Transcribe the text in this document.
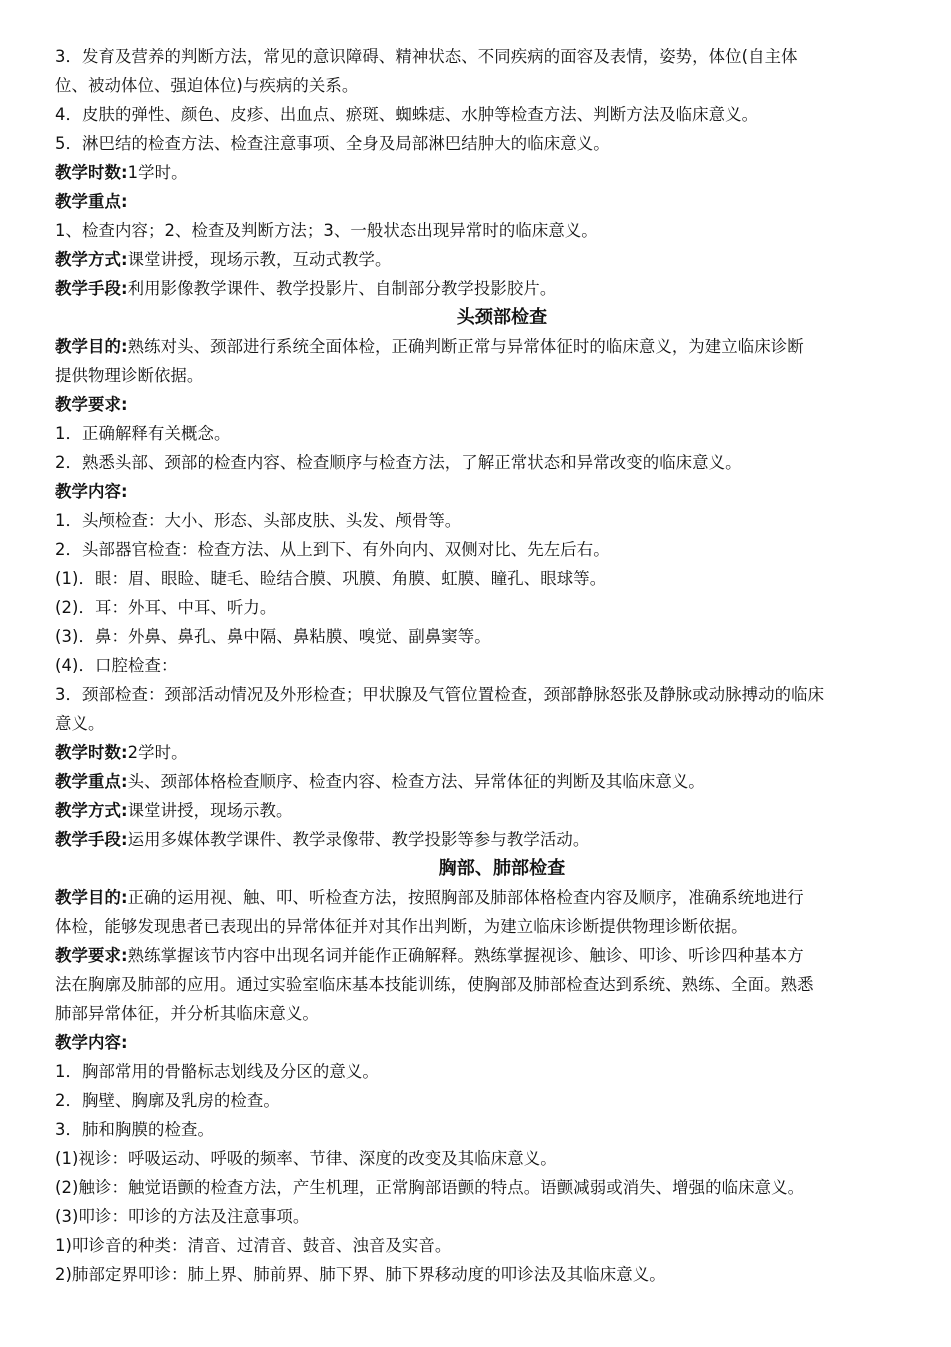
3．发育及营养的判断方法，常见的意识障碍、精神状态、不同疾病的面容及表情，姿势，体位(自主体
位、被动体位、强迫体位)与疾病的关系。
4．皮肤的弹性、颜色、皮疹、出血点、瘀斑、蜘蛛痣、水肿等检查方法、判断方法及临床意义。
5．淋巴结的检查方法、检查注意事项、全身及局部淋巴结肿大的临床意义。
教学时数:1学时。
教学重点:
1、检查内容；2、检查及判断方法；3、一般状态出现异常时的临床意义。
教学方式:课堂讲授，现场示教，互动式教学。
教学手段:利用影像教学课件、教学投影片、自制部分教学投影胶片。
头颈部检查
教学目的:熟练对头、颈部进行系统全面体检，正确判断正常与异常体征时的临床意义，为建立临床诊断
提供物理诊断依据。
教学要求:
1．正确解释有关概念。
2．熟悉头部、颈部的检查内容、检查顺序与检查方法，了解正常状态和异常改变的临床意义。
教学内容:
1．头颅检查：大小、形态、头部皮肤、头发、颅骨等。
2．头部器官检查：检查方法、从上到下、有外向内、双侧对比、先左后右。
(1)．眼：眉、眼睑、睫毛、睑结合膜、巩膜、角膜、虹膜、瞳孔、眼球等。
(2)．耳：外耳、中耳、听力。
(3)．鼻：外鼻、鼻孔、鼻中隔、鼻粘膜、嗅觉、副鼻窦等。
(4)．口腔检查：
3．颈部检查：颈部活动情况及外形检查；甲状腺及气管位置检查，颈部静脉怒张及静脉或动脉搏动的临床
意义。
教学时数:2学时。
教学重点:头、颈部体格检查顺序、检查内容、检查方法、异常体征的判断及其临床意义。
教学方式:课堂讲授，现场示教。
教学手段:运用多媒体教学课件、教学录像带、教学投影等参与教学活动。
胸部、肺部检查
教学目的:正确的运用视、触、叩、听检查方法，按照胸部及肺部体格检查内容及顺序，准确系统地进行
体检，能够发现患者已表现出的异常体征并对其作出判断，为建立临床诊断提供物理诊断依据。
教学要求:熟练掌握该节内容中出现名词并能作正确解释。熟练掌握视诊、触诊、叩诊、听诊四种基本方
法在胸廓及肺部的应用。通过实验室临床基本技能训练，使胸部及肺部检查达到系统、熟练、全面。熟悉
肺部异常体征，并分析其临床意义。
教学内容:
1．胸部常用的骨骼标志划线及分区的意义。
2．胸壁、胸廓及乳房的检查。
3．肺和胸膜的检查。
(1)视诊：呼吸运动、呼吸的频率、节律、深度的改变及其临床意义。
(2)触诊：触觉语颤的检查方法，产生机理，正常胸部语颤的特点。语颤减弱或消失、增强的临床意义。
(3)叩诊：叩诊的方法及注意事项。
1)叩诊音的种类：清音、过清音、鼓音、浊音及实音。
2)肺部定界叩诊：肺上界、肺前界、肺下界、肺下界移动度的叩诊法及其临床意义。
